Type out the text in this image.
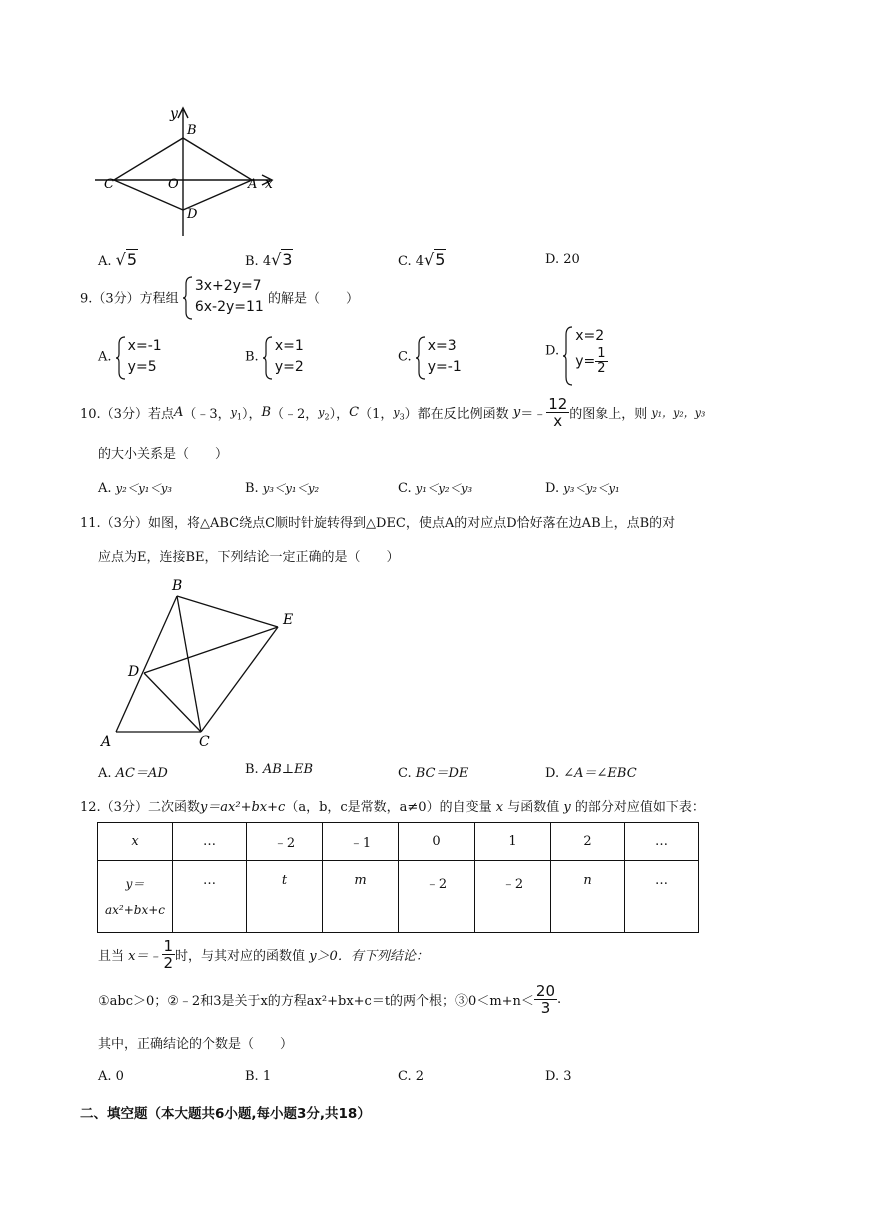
y
B
C	O	A x
D
A. √5	B. 4√3	C. 4√5	D. 20
9.（3分）方程组
3x+2y=7
6x-2y=11 的解是（　　）
A.
x=-1
y=5
B.
x=1
y=2
C.
x=3
y=-1
D.
x=2
$y= \frac{1}{2}$
10.（3分）若点A（﹣3，$y_1$），B（﹣2，$y_2$），C（1，$y_3$）都在反比例函数 y＝﹣ $\frac{12}{x}$ 的图象上，则 y₁，y₂，y₃
的大小关系是（　　）
A. y₂＜y₁＜y₃	B. y₃＜y₁＜y₂	C. y₁＜y₂＜y₃	D. y₃＜y₂＜y₁
11.（3分）如图，将△ABC绕点C顺时针旋转得到△DEC，使点A的对应点D恰好落在边AB上，点B的对
应点为E，连接BE，下列结论一定正确的是（　　）
B
E
D
A	C
A. AC＝AD	B. AB⊥EB	C. BC＝DE	D. ∠A＝∠EBC
12.（3分）二次函数y＝ax²+bx+c（a，b，c是常数，a≠0）的自变量 x 与函数值 y 的部分对应值如下表：
x	…	﹣2	﹣1	0	1	2	…
y＝
ax²+bx+c	…	t	m	﹣2	﹣2	n	…
且当 x＝﹣ $\frac{1}{2}$ 时，与其对应的函数值 y＞0．有下列结论：
①abc＞0；②﹣2和3是关于x的方程ax²+bx+c＝t的两个根；③0＜m+n＜ $\frac{20}{3}$ .
其中，正确结论的个数是（　　）
A. 0	B. 1	C. 2	D. 3
二、填空题（本大题共6小题,每小题3分,共18）
